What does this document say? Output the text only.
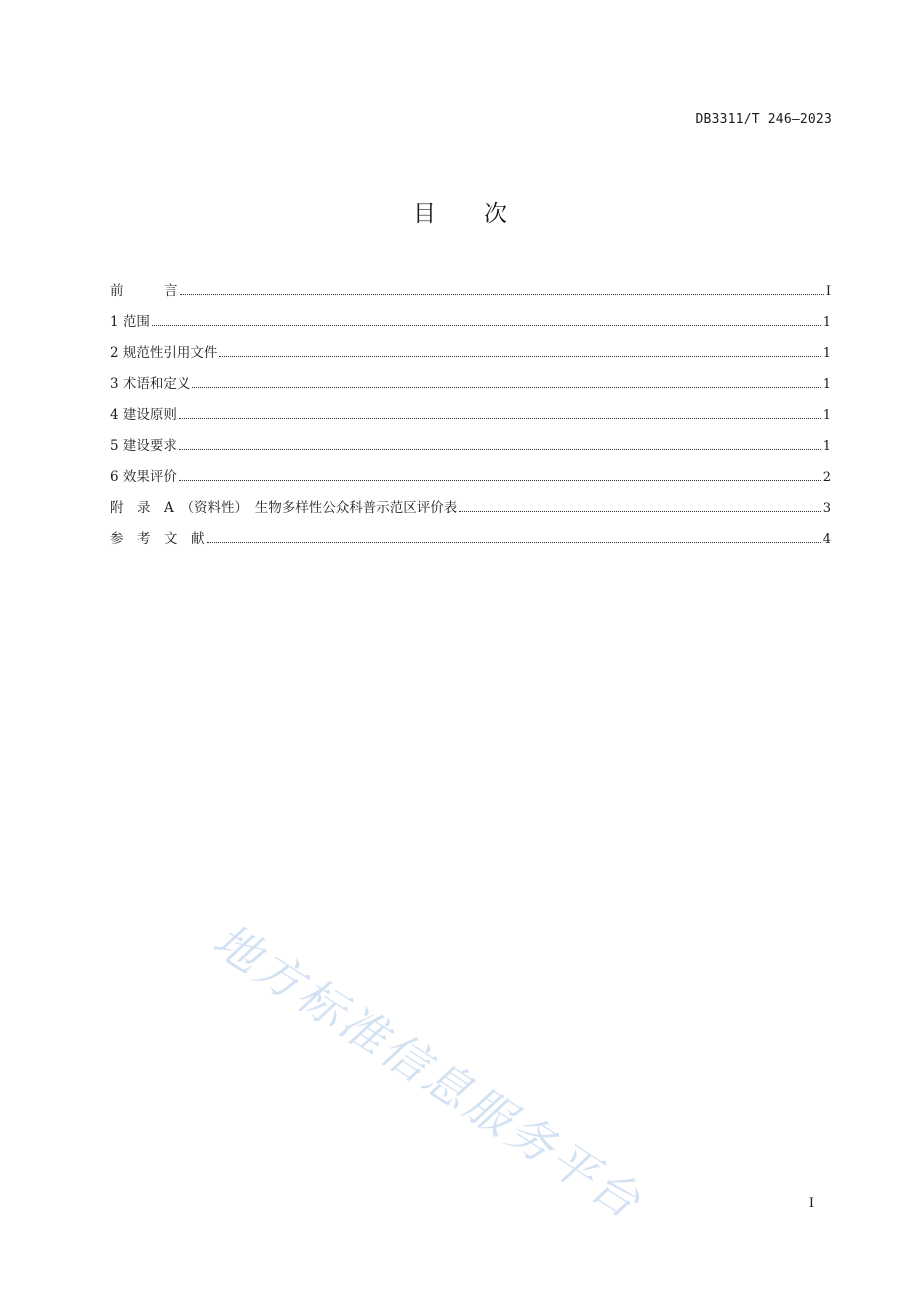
DB3311/T 246—2023
目次
前　　　言	I
1 范围	1
2 规范性引用文件	1
3 术语和定义	1
4 建设原则	1
5 建设要求	1
6 效果评价	2
附　录　A　（资料性）　生物多样性公众科普示范区评价表	3
参　考　文　献	4
地方标准信息服务平台	I
